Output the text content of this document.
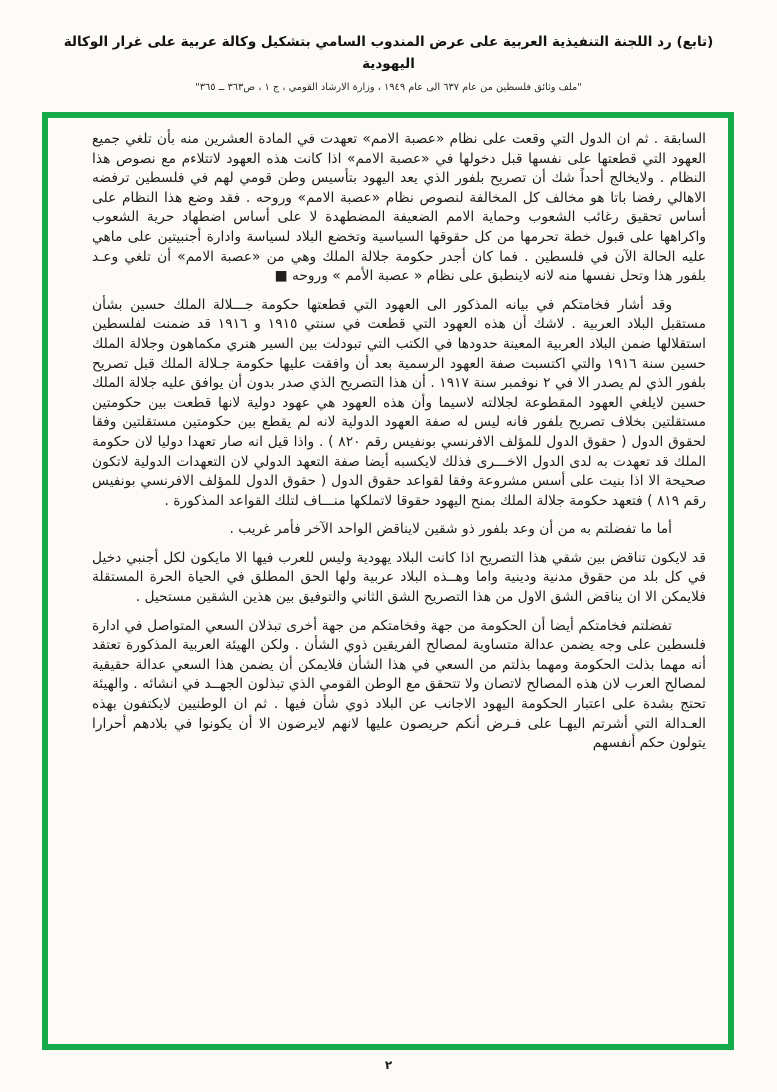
(تابع) رد اللجنة التنفيذية العربية على عرض المندوب السامي بتشكيل وكالة عربية على غرار الوكالة اليهودية
"ملف وثائق فلسطين من عام ٦٣٧ الى عام ١٩٤٩ ، وزارة الارشاد القومي ، ج ١ ، ص٣٦٣ ــ ٣٦٥"

السابقة . ثم ان الدول التي وقعت على نظام «عصبة الامم» تعهدت في المادة العشرين منه بأن تلغي جميع العهود التي قطعتها على نفسها قبل دخولها في «عصبة الامم» اذا كانت هذه العهود لاتتلاءم مع نصوص هذا النظام . ولايخالج أحداً شك أن تصريح بلفور الذي يعد اليهود بتأسيس وطن قومي لهم في فلسطين ترفضه الاهالي رفضا باتا هو مخالف كل المخالفة لنصوص نظام «عصبة الامم» وروحه . فقد وضع هذا النظام على أساس تحقيق رغائب الشعوب وحماية الامم الضعيفة المضطهدة لا على أساس اضطهاد حرية الشعوب واكراهها على قبول خطة تحرمها من كل حقوقها السياسية وتخضع البلاد لسياسة وادارة أجنبيتين على ماهي عليه الحالة الآن في فلسطين . فما كان أجدر حكومة جلالة الملك وهي من «عصبة الامم» أن تلغي وعـد بلفور هذا وتحل نفسها منه لانه لاينطبق على نظام « عصبة الأمم » وروحه ■

وقد أشار فخامتكم في بيانه المذكور الى العهود التي قطعتها حكومة جـــلالة الملك حسين بشأن مستقبل البلاد العربية . لاشك أن هذه العهود التي قطعت في سنتي ١٩١٥ و ١٩١٦ قد ضمنت لفلسطين استقلالها ضمن البلاد العربية المعينة حدودها في الكتب التي تبودلت بين السير هنري مكماهون وجلالة الملك حسين سنة ١٩١٦ والتي اكتسبت صفة العهود الرسمية بعد أن وافقت عليها حكومة جـلالة الملك قبل تصريح بلفور الذي لم يصدر الا في ٢ نوفمبر سنة ١٩١٧ . أن هذا التصريح الذي صدر بدون أن يوافق عليه جلالة الملك حسين لايلغي العهود المقطوعة لجلالته لاسيما وأن هذه العهود هي عهود دولية لانها قطعت بين حكومتين مستقلتين بخلاف تصريح بلفور فانه ليس له صفة العهود الدولية لانه لم يقطع بين حكومتين مستقلتين وفقا لحقوق الدول ( حقوق الدول للمؤلف الافرنسي بونفيس رقم ٨٢٠ ) . واذا قيل انه صار تعهدا دوليا لان حكومة الملك قد تعهدت به لدى الدول الاخـــرى فذلك لايكسبه أيضا صفة التعهد الدولي لان التعهدات الدولية لاتكون صحيحة الا اذا بنيت على أسس مشروعة وفقا لقواعد حقوق الدول ( حقوق الدول للمؤلف الافرنسي بونفيس رقم ٨١٩ ) فتعهد حكومة جلالة الملك بمنح اليهود حقوقا لاتملكها منـــاف لتلك القواعد المذكورة .

أما ما تفضلتم به من أن وعد بلفور ذو شقين لايناقض الواحد الآخر فأمر غريب .

قد لايكون تناقض بين شقي هذا التصريح اذا كانت البلاد يهودية وليس للعرب فيها الا مايكون لكل أجنبي دخيل في كل بلد من حقوق مدنية ودينية واما وهــذه البلاد عربية ولها الحق المطلق في الحياة الحرة المستقلة فلايمكن الا ان يناقض الشق الاول من هذا التصريح الشق الثاني والتوفيق بين هذين الشقين مستحيل .

تفضلتم فخامتكم أيضا أن الحكومة من جهة وفخامتكم من جهة أخرى تبذلان السعي المتواصل في ادارة فلسطين على وجه يضمن عدالة متساوية لمصالح الفريقين ذوي الشأن . ولكن الهيئة العربية المذكورة تعتقد أنه مهما بذلت الحكومة ومهما بذلتم من السعي في هذا الشأن فلايمكن أن يضمن هذا السعي عدالة حقيقية لمصالح العرب لان هذه المصالح لاتصان ولا تتحقق مع الوطن القومي الذي تبذلون الجهــد في انشائه . والهيئة تحتج بشدة على اعتبار الحكومة اليهود الاجانب عن البلاد ذوي شأن فيها . ثم ان الوطنيين لايكتفون بهذه العـدالة التي أشرتم اليهـا على فـرض أنكم حريصون عليها لانهم لايرضون الا أن يكونوا في بلادهم أحرارا يتولون حكم أنفسهم

٢
